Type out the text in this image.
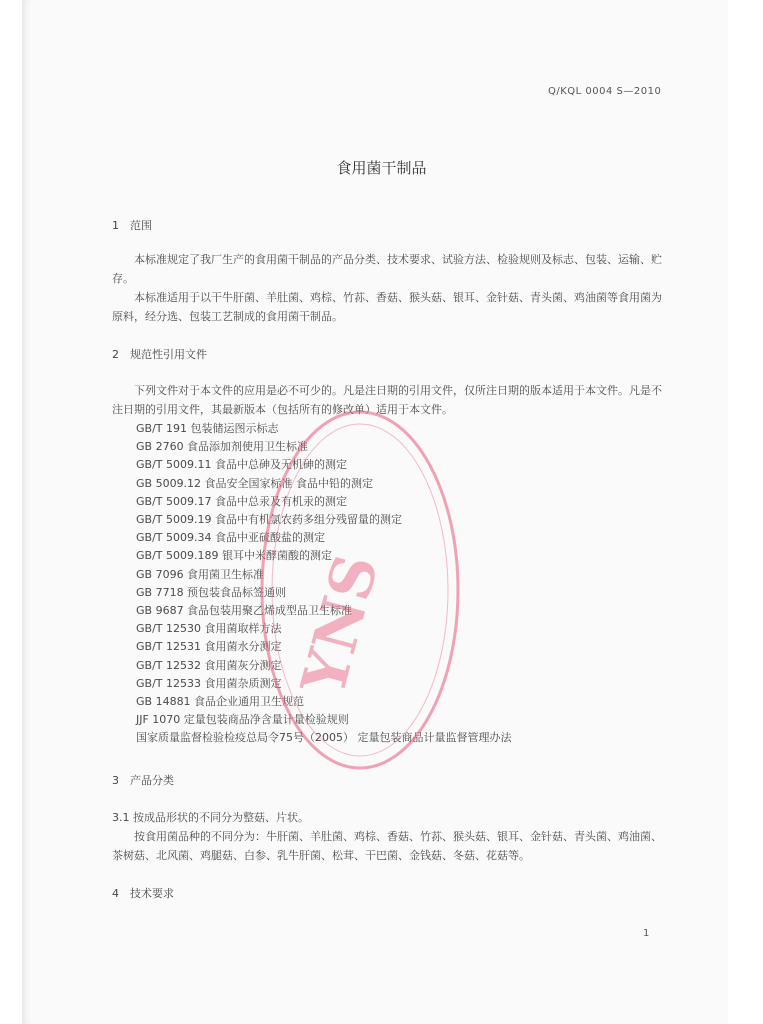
Q/KQL 0004 S—2010
食用菌干制品
1 范围

本标准规定了我厂生产的食用菌干制品的产品分类、技术要求、试验方法、检验规则及标志、包装、运输、贮存。

本标准适用于以干牛肝菌、羊肚菌、鸡棕、竹荪、香菇、猴头菇、银耳、金针菇、青头菌、鸡油菌等食用菌为原料，经分选、包装工艺制成的食用菌干制品。

2 规范性引用文件

下列文件对于本文件的应用是必不可少的。凡是注日期的引用文件，仅所注日期的版本适用于本文件。凡是不注日期的引用文件，其最新版本（包括所有的修改单）适用于本文件。

GB/T 191 包装储运图示标志
GB 2760 食品添加剂使用卫生标准
GB/T 5009.11 食品中总砷及无机砷的测定
GB 5009.12 食品安全国家标准 食品中铅的测定
GB/T 5009.17 食品中总汞及有机汞的测定
GB/T 5009.19 食品中有机氯农药多组分残留量的测定
GB/T 5009.34 食品中亚硫酸盐的测定
GB/T 5009.189 银耳中米酵菌酸的测定
GB 7096 食用菌卫生标准
GB 7718 预包装食品标签通则
GB 9687 食品包装用聚乙烯成型品卫生标准
GB/T 12530 食用菌取样方法
GB/T 12531 食用菌水分测定
GB/T 12532 食用菌灰分测定
GB/T 12533 食用菌杂质测定
GB 14881 食品企业通用卫生规范
JJF 1070 定量包装商品净含量计量检验规则
国家质量监督检验检疫总局令75号（2005） 定量包装商品计量监督管理办法
3 产品分类

3.1 按成品形状的不同分为整菇、片状。

按食用菌品种的不同分为：牛肝菌、羊肚菌、鸡棕、香菇、竹荪、猴头菇、银耳、金针菇、青头菌、鸡油菌、茶树菇、北风菌、鸡腿菇、白参、乳牛肝菌、松茸、干巴菌、金钱菇、冬菇、花菇等。

4 技术要求
YNS
1
